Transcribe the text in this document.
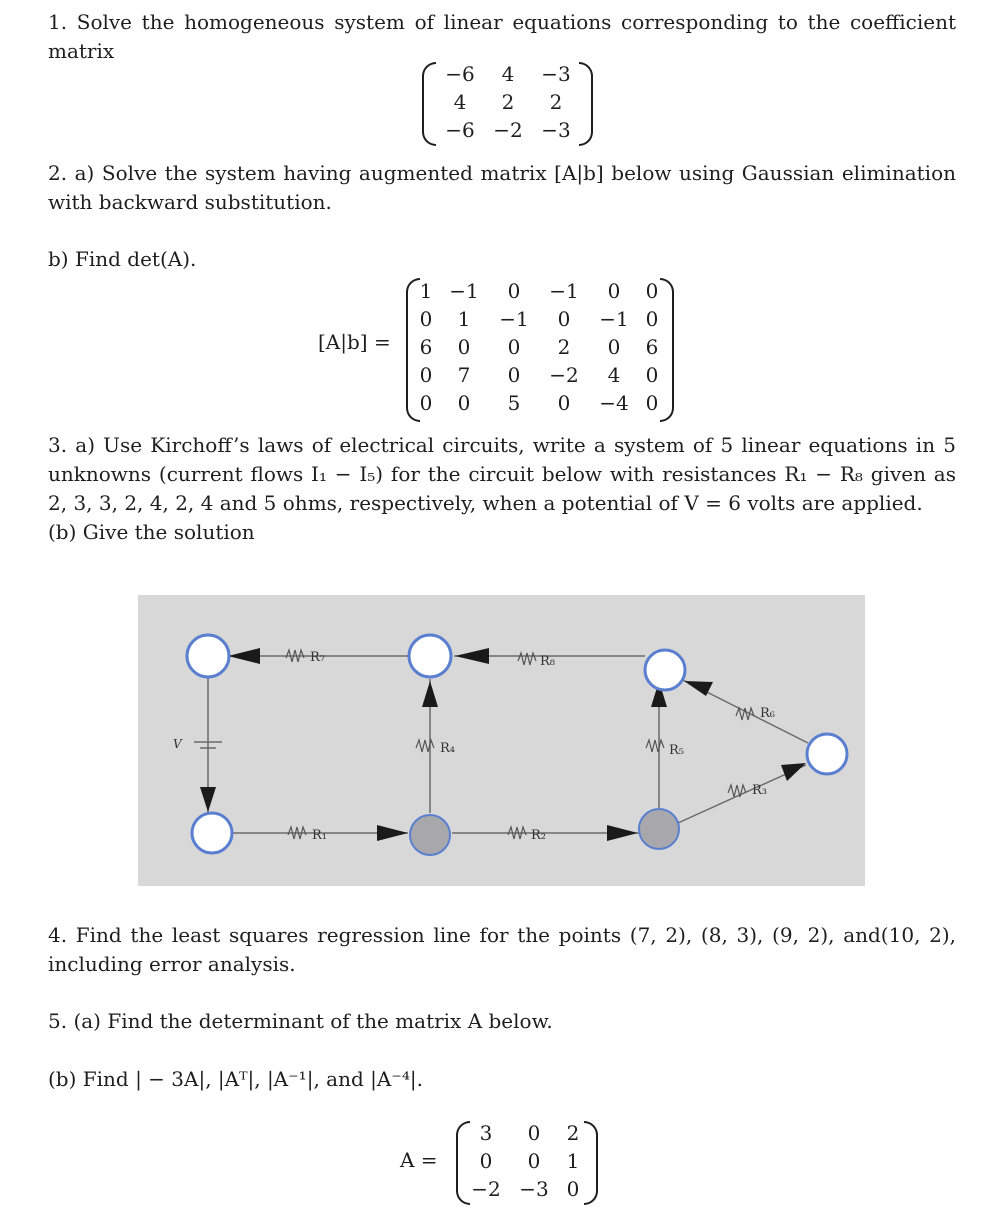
1. Solve the homogeneous system of linear equations corresponding to the coefficient matrix
−6	4	−3
4	2	2
−6 −2 −3
2. a) Solve the system having augmented matrix [A|b] below using Gaussian elimination with backward substitution.
b) Find det(A).
[A|b] =
1 −1	0	−1	0	0
0	1	−1	0	−1 0
6	0	0	2	0	6
0	7	0	−2	4	0
0	0	5	0	−4 0
3. a) Use Kirchoff’s laws of electrical circuits, write a system of 5 linear equations in 5 unknowns (current flows I₁ − I₅) for the circuit below with resistances R₁ − R₈ given as 2, 3, 3, 2, 4, 2, 4 and 5 ohms, respectively, when a potential of V = 6 volts are applied.
(b) Give the solution
R₇	R₈
R₆
R₄	R₅
R₃
R₁	R₂
V
4. Find the least squares regression line for the points (7, 2), (8, 3), (9, 2), and(10, 2), including error analysis.
5. (a) Find the determinant of the matrix A below.
(b) Find | − 3A|, |Aᵀ|, |A⁻¹|, and |A⁻⁴|.
A =
3	0	2
0	0	1
−2 −3 0
